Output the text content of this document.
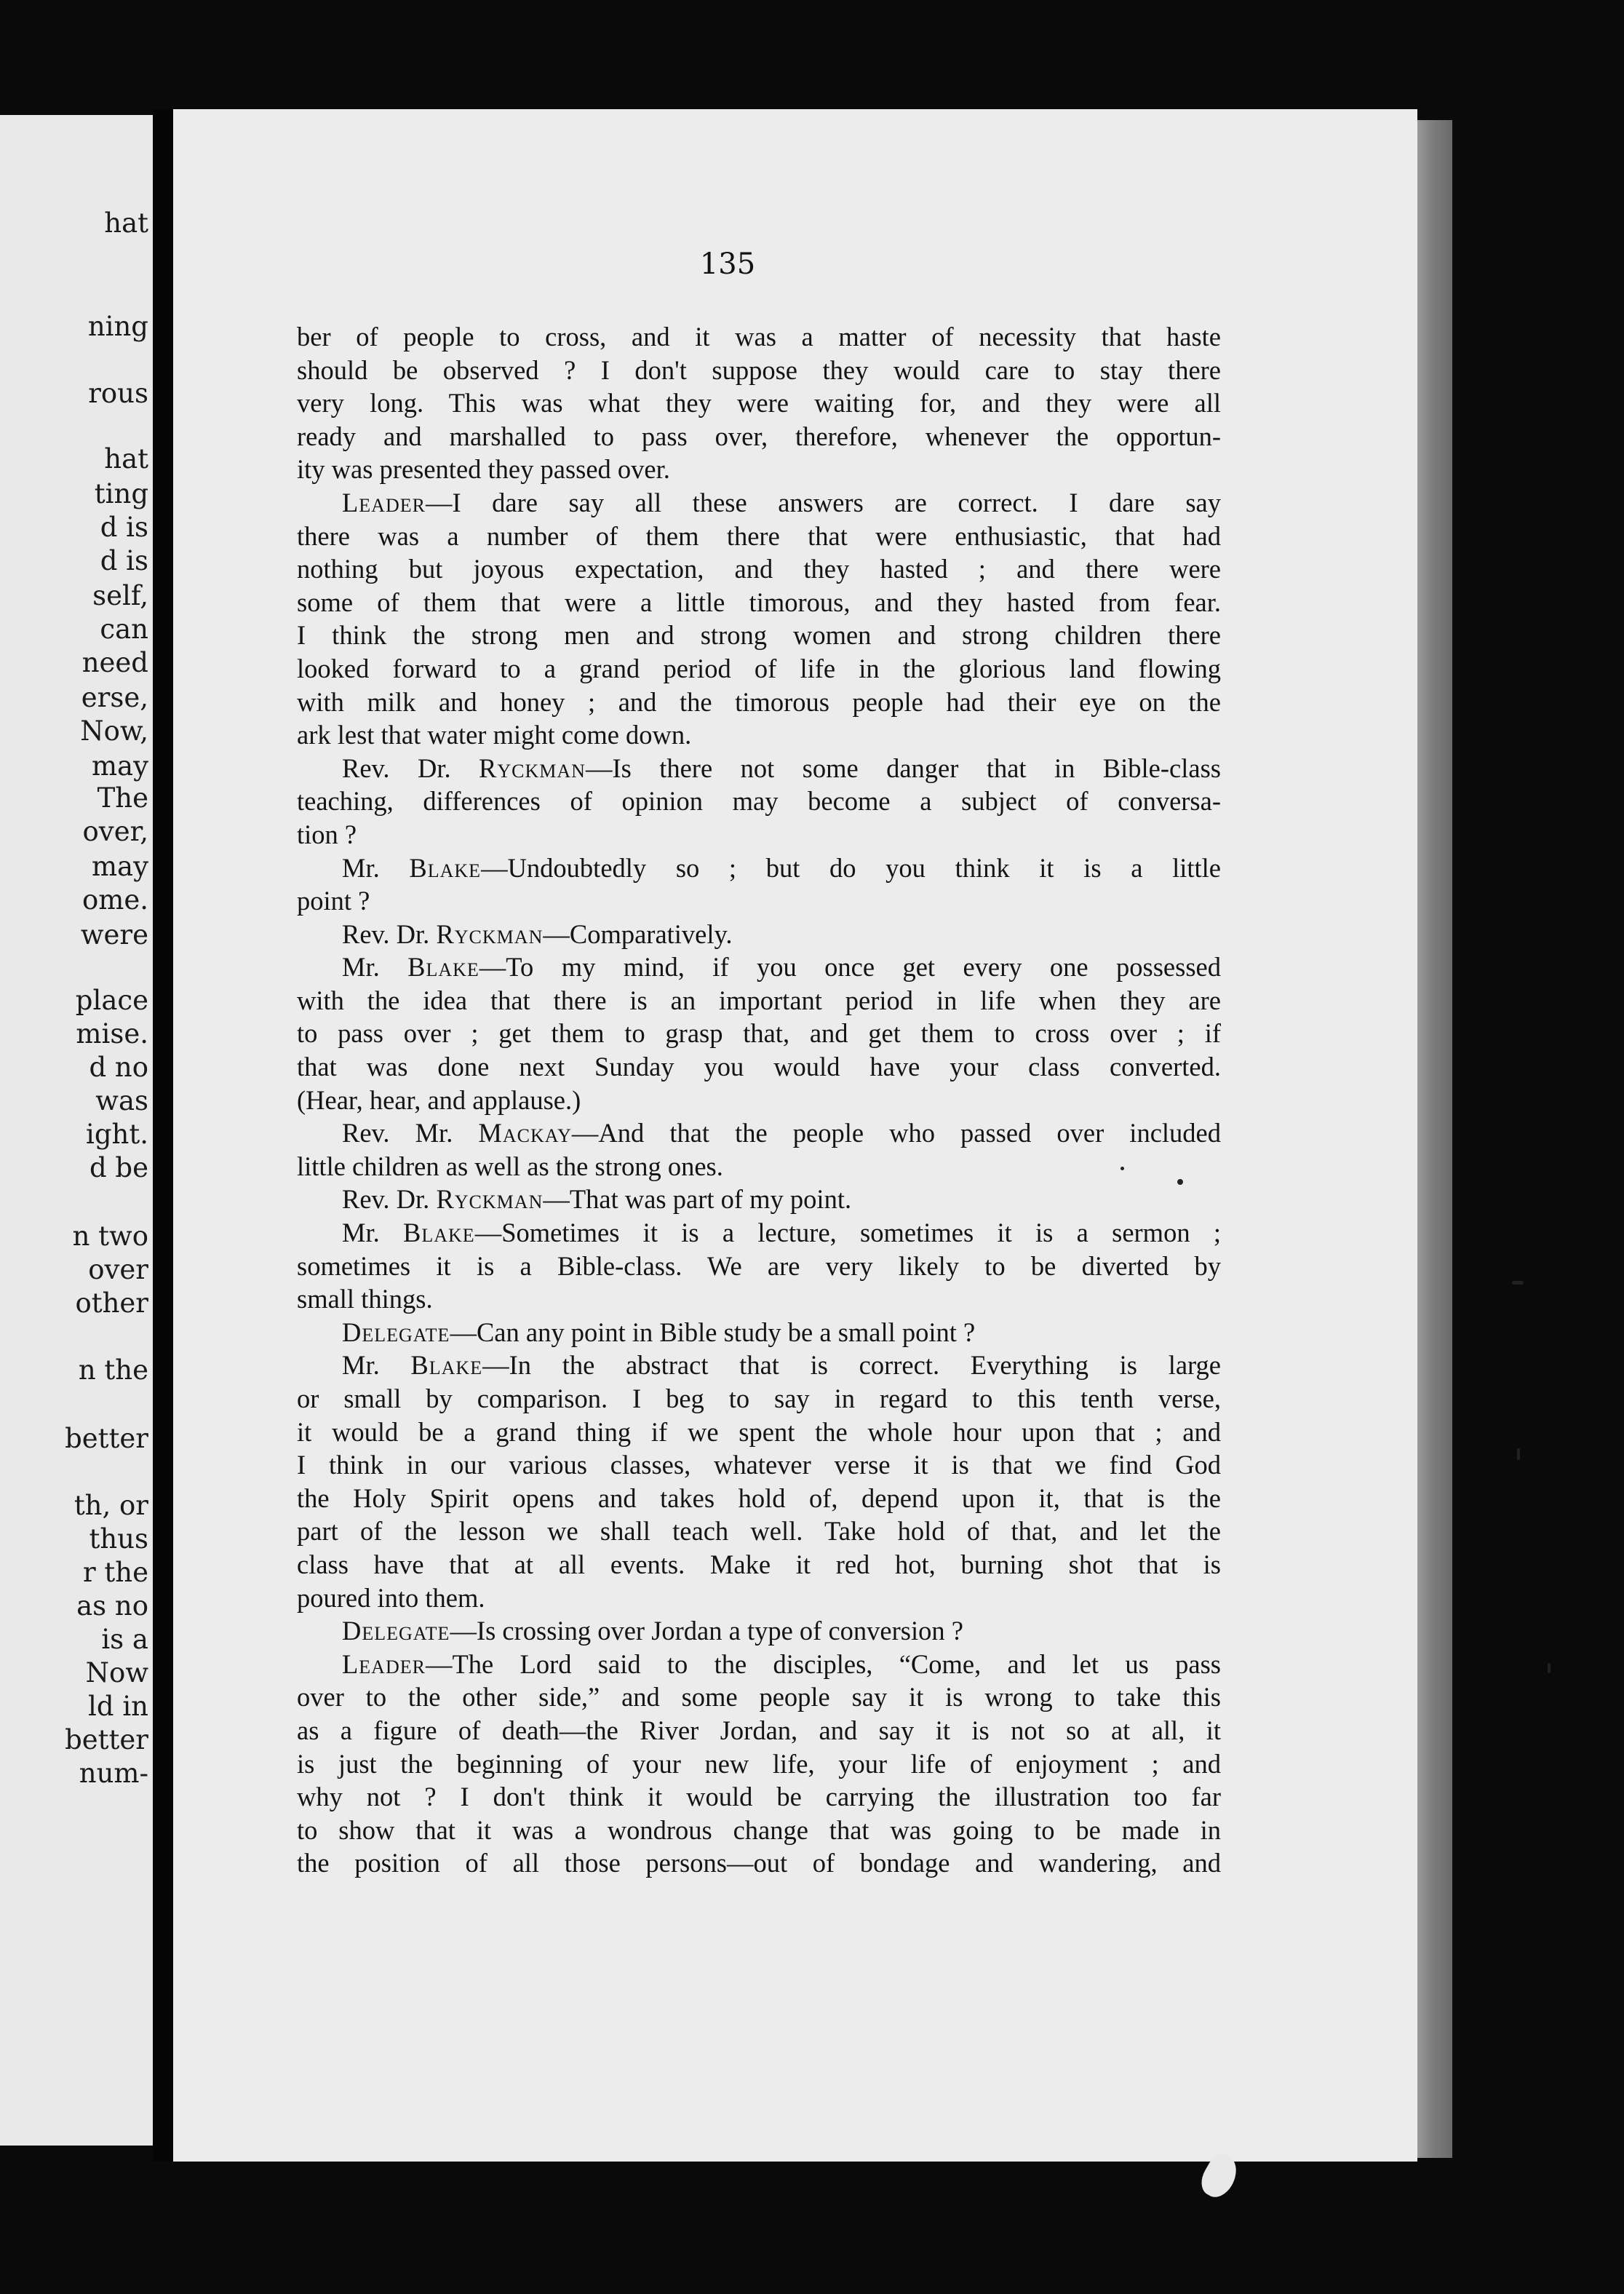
hat
ning
rous
hat
ting
d is
d is
self,
can
need
erse,
Now,
may
The
over,
may
ome.
were
place
mise.
d no
was
ight.
d be
n two
over
other
n the
better
th, or
thus
r the
as no
is a
Now
ld in
better
num-
135
ber of people to cross, and it was a matter of necessity that haste
should be observed ? I don't suppose they would care to stay there
very long. This was what they were waiting for, and they were all
ready and marshalled to pass over, therefore, whenever the opportun-
ity was presented they passed over.
Leader—I dare say all these answers are correct. I dare say
there was a number of them there that were enthusiastic, that had
nothing but joyous expectation, and they hasted ; and there were
some of them that were a little timorous, and they hasted from fear.
I think the strong men and strong women and strong children there
looked forward to a grand period of life in the glorious land flowing
with milk and honey ; and the timorous people had their eye on the
ark lest that water might come down.
Rev. Dr. Ryckman—Is there not some danger that in Bible-class
teaching, differences of opinion may become a subject of conversa-
tion ?
Mr. Blake—Undoubtedly so ; but do you think it is a little
point ?
Rev. Dr. Ryckman—Comparatively.
Mr. Blake—To my mind, if you once get every one possessed
with the idea that there is an important period in life when they are
to pass over ; get them to grasp that, and get them to cross over ; if
that was done next Sunday you would have your class converted.
(Hear, hear, and applause.)
Rev. Mr. Mackay—And that the people who passed over included
little children as well as the strong ones.
Rev. Dr. Ryckman—That was part of my point.
Mr. Blake—Sometimes it is a lecture, sometimes it is a sermon ;
sometimes it is a Bible-class. We are very likely to be diverted by
small things.
Delegate—Can any point in Bible study be a small point ?
Mr. Blake—In the abstract that is correct. Everything is large
or small by comparison. I beg to say in regard to this tenth verse,
it would be a grand thing if we spent the whole hour upon that ; and
I think in our various classes, whatever verse it is that we find God
the Holy Spirit opens and takes hold of, depend upon it, that is the
part of the lesson we shall teach well. Take hold of that, and let the
class have that at all events. Make it red hot, burning shot that is
poured into them.
Delegate—Is crossing over Jordan a type of conversion ?
Leader—The Lord said to the disciples, “Come, and let us pass
over to the other side,” and some people say it is wrong to take this
as a figure of death—the River Jordan, and say it is not so at all, it
is just the beginning of your new life, your life of enjoyment ; and
why not ? I don't think it would be carrying the illustration too far
to show that it was a wondrous change that was going to be made in
the position of all those persons—out of bondage and wandering, and
